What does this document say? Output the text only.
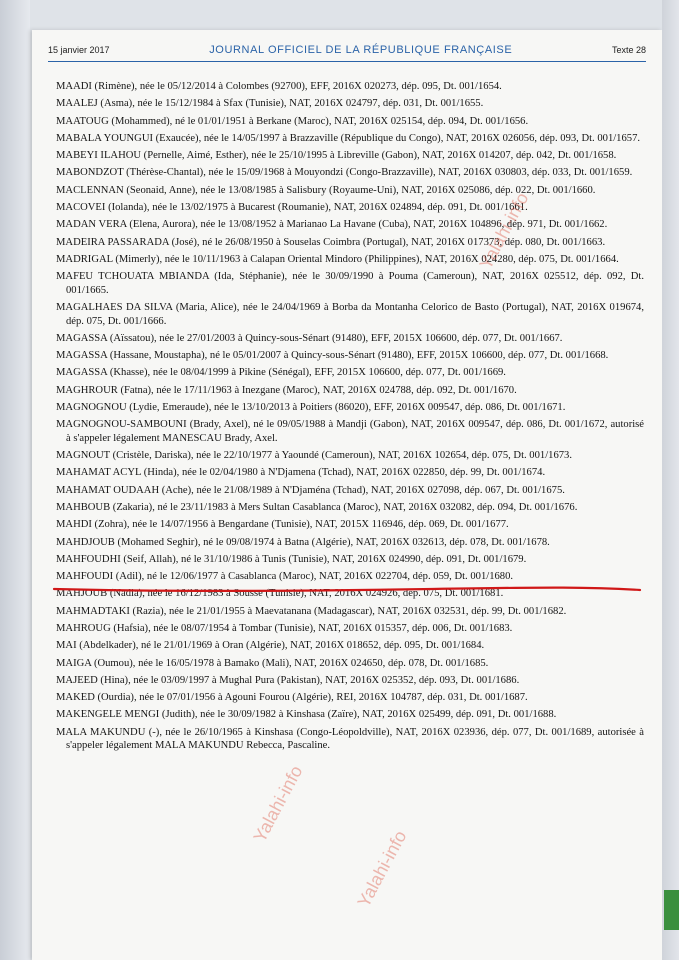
15 janvier 2017	JOURNAL OFFICIEL DE LA RÉPUBLIQUE FRANÇAISE	Texte 28

MAADI (Rimène), née le 05/12/2014 à Colombes (92700), EFF, 2016X 020273, dép. 095, Dt. 001/1654.

MAALEJ (Asma), née le 15/12/1984 à Sfax (Tunisie), NAT, 2016X 024797, dép. 031, Dt. 001/1655.

MAATOUG (Mohammed), né le 01/01/1951 à Berkane (Maroc), NAT, 2016X 025154, dép. 094, Dt. 001/1656.

MABALA YOUNGUI (Exaucée), née le 14/05/1997 à Brazzaville (République du Congo), NAT, 2016X 026056, dép. 093, Dt. 001/1657.

MABEYI ILAHOU (Pernelle, Aimé, Esther), née le 25/10/1995 à Libreville (Gabon), NAT, 2016X 014207, dép. 042, Dt. 001/1658.

MABONDZOT (Thérèse-Chantal), née le 15/09/1968 à Mouyondzi (Congo-Brazzaville), NAT, 2016X 030803, dép. 033, Dt. 001/1659.

MACLENNAN (Seonaid, Anne), née le 13/08/1985 à Salisbury (Royaume-Uni), NAT, 2016X 025086, dép. 022, Dt. 001/1660.

MACOVEI (Iolanda), née le 13/02/1975 à Bucarest (Roumanie), NAT, 2016X 024894, dép. 091, Dt. 001/1661.

MADAN VERA (Elena, Aurora), née le 13/08/1952 à Marianao La Havane (Cuba), NAT, 2016X 104896, dép. 971, Dt. 001/1662.

MADEIRA PASSARADA (José), né le 26/08/1950 à Souselas Coimbra (Portugal), NAT, 2016X 017373, dép. 080, Dt. 001/1663.

MADRIGAL (Mimerly), née le 10/11/1963 à Calapan Oriental Mindoro (Philippines), NAT, 2016X 024280, dép. 075, Dt. 001/1664.

MAFEU TCHOUATA MBIANDA (Ida, Stéphanie), née le 30/09/1990 à Pouma (Cameroun), NAT, 2016X 025512, dép. 092, Dt. 001/1665.

MAGALHAES DA SILVA (Maria, Alice), née le 24/04/1969 à Borba da Montanha Celorico de Basto (Portugal), NAT, 2016X 019674, dép. 075, Dt. 001/1666.

MAGASSA (Aïssatou), née le 27/01/2003 à Quincy-sous-Sénart (91480), EFF, 2015X 106600, dép. 077, Dt. 001/1667.

MAGASSA (Hassane, Moustapha), né le 05/01/2007 à Quincy-sous-Sénart (91480), EFF, 2015X 106600, dép. 077, Dt. 001/1668.

MAGASSA (Khasse), née le 08/04/1999 à Pikine (Sénégal), EFF, 2015X 106600, dép. 077, Dt. 001/1669.

MAGHROUR (Fatna), née le 17/11/1963 à Inezgane (Maroc), NAT, 2016X 024788, dép. 092, Dt. 001/1670.

MAGNOGNOU (Lydie, Emeraude), née le 13/10/2013 à Poitiers (86020), EFF, 2016X 009547, dép. 086, Dt. 001/1671.

MAGNOGNOU-SAMBOUNI (Brady, Axel), né le 09/05/1988 à Mandji (Gabon), NAT, 2016X 009547, dép. 086, Dt. 001/1672, autorisé à s'appeler légalement MANESCAU Brady, Axel.

MAGNOUT (Cristèle, Dariska), née le 22/10/1977 à Yaoundé (Cameroun), NAT, 2016X 102654, dép. 075, Dt. 001/1673.

MAHAMAT ACYL (Hinda), née le 02/04/1980 à N'Djamena (Tchad), NAT, 2016X 022850, dép. 99, Dt. 001/1674.

MAHAMAT OUDAAH (Ache), née le 21/08/1989 à N'Djaména (Tchad), NAT, 2016X 027098, dép. 067, Dt. 001/1675.

MAHBOUB (Zakaria), né le 23/11/1983 à Mers Sultan Casablanca (Maroc), NAT, 2016X 032082, dép. 094, Dt. 001/1676.

MAHDI (Zohra), née le 14/07/1956 à Bengardane (Tunisie), NAT, 2015X 116946, dép. 069, Dt. 001/1677.

MAHDJOUB (Mohamed Seghir), né le 09/08/1974 à Batna (Algérie), NAT, 2016X 032613, dép. 078, Dt. 001/1678.

MAHFOUDHI (Seif, Allah), né le 31/10/1986 à Tunis (Tunisie), NAT, 2016X 024990, dép. 091, Dt. 001/1679.

MAHFOUDI (Adil), né le 12/06/1977 à Casablanca (Maroc), NAT, 2016X 022704, dép. 059, Dt. 001/1680.

MAHJOUB (Nadia), née le 16/12/1983 à Sousse (Tunisie), NAT, 2016X 024926, dép. 075, Dt. 001/1681.

MAHMADTAKI (Razia), née le 21/01/1955 à Maevatanana (Madagascar), NAT, 2016X 032531, dép. 99, Dt. 001/1682.

MAHROUG (Hafsia), née le 08/07/1954 à Tombar (Tunisie), NAT, 2016X 015357, dép. 006, Dt. 001/1683.

MAI (Abdelkader), né le 21/01/1969 à Oran (Algérie), NAT, 2016X 018652, dép. 095, Dt. 001/1684.

MAIGA (Oumou), née le 16/05/1978 à Bamako (Mali), NAT, 2016X 024650, dép. 078, Dt. 001/1685.

MAJEED (Hina), née le 03/09/1997 à Mughal Pura (Pakistan), NAT, 2016X 025352, dép. 093, Dt. 001/1686.

MAKED (Ourdia), née le 07/01/1956 à Agouni Fourou (Algérie), REI, 2016X 104787, dép. 031, Dt. 001/1687.

MAKENGELE MENGI (Judith), née le 30/09/1982 à Kinshasa (Zaïre), NAT, 2016X 025499, dép. 091, Dt. 001/1688.

MALA MAKUNDU (-), née le 26/10/1965 à Kinshasa (Congo-Léopoldville), NAT, 2016X 023936, dép. 077, Dt. 001/1689, autorisée à s'appeler légalement MALA MAKUNDU Rebecca, Pascaline.

Yalahi-info
Yalahi-info
Yalahi-info
